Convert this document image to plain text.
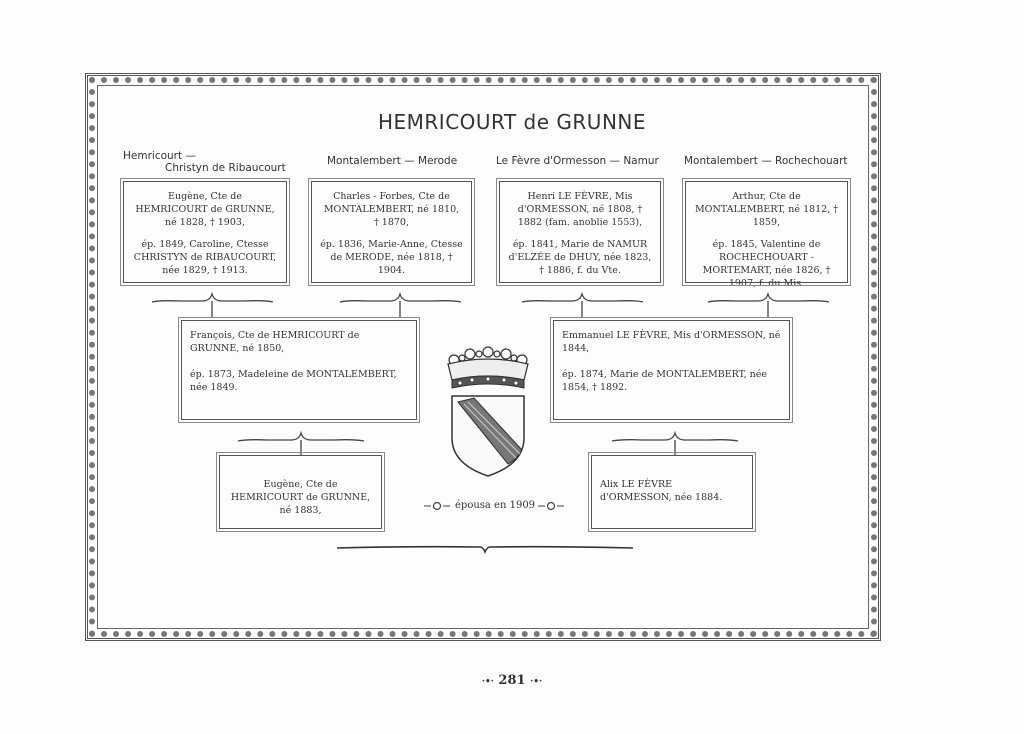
HEMRICOURT de GRUNNE
Hemricourt —
Christyn de Ribaucourt
Montalembert — Merode	Le Fèvre d'Ormesson — Namur Montalembert — Rochechouart

Eugène, Cte de HEMRICOURT de GRUNNE, né 1828, † 1903,

ép. 1849, Caroline, Ctesse CHRISTYN de RIBAUCOURT, née 1829, † 1913.

Charles - Forbes, Cte de MONTALEMBERT, né 1810, † 1870,

ép. 1836, Marie-Anne, Ctesse de MERODE, née 1818, † 1904.

Henri LE FÈVRE, Mis d'ORMESSON, né 1808, † 1882 (fam. anoblie 1553),

ép. 1841, Marie de NAMUR d'ELZÉE de DHUY, née 1823, † 1886, f. du Vte.

Arthur, Cte de MONTALEMBERT, né 1812, † 1859,

ép. 1845, Valentine de ROCHECHOUART - MORTEMART, née 1826, † 1907, f. du Mis.

François, Cte de HEMRICOURT de GRUNNE, né 1850,

ép. 1873, Madeleine de MONTALEMBERT, née 1849.

Emmanuel LE FÈVRE, Mis d'ORMESSON, né 1844,

ép. 1874, Marie de MONTALEMBERT, née 1854, † 1892.

Eugène, Cte de HEMRICOURT de GRUNNE, né 1883,

Alix LE FÈVRE d'ORMESSON, née 1884.

épousa en 1909
·•· 281 ·•·
